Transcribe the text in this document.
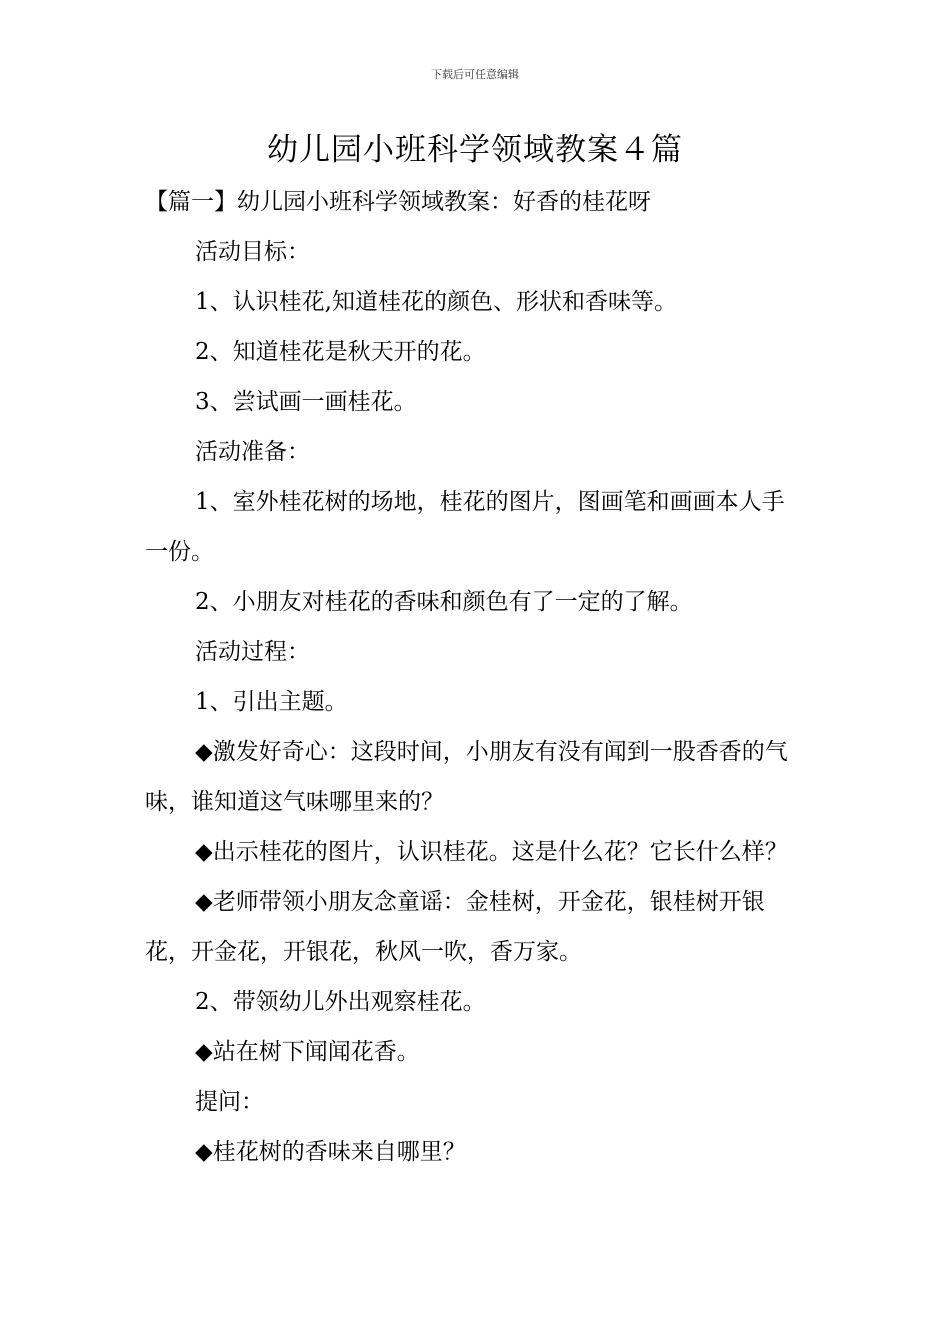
下载后可任意编辑
幼儿园小班科学领域教案４篇

【篇一】幼儿园小班科学领域教案：好香的桂花呀

活动目标：

1、认识桂花,知道桂花的颜色、形状和香味等。

2、知道桂花是秋天开的花。

3、尝试画一画桂花。

活动准备：

1、室外桂花树的场地，桂花的图片，图画笔和画画本人手一份。

2、小朋友对桂花的香味和颜色有了一定的了解。

活动过程：

1、引出主题。

◆激发好奇心：这段时间，小朋友有没有闻到一股香香的气味，谁知道这气味哪里来的？

◆出示桂花的图片，认识桂花。这是什么花？它长什么样？

◆老师带领小朋友念童谣：金桂树，开金花，银桂树开银花，开金花，开银花，秋风一吹，香万家。

2、带领幼儿外出观察桂花。

◆站在树下闻闻花香。

提问：

◆桂花树的香味来自哪里？
